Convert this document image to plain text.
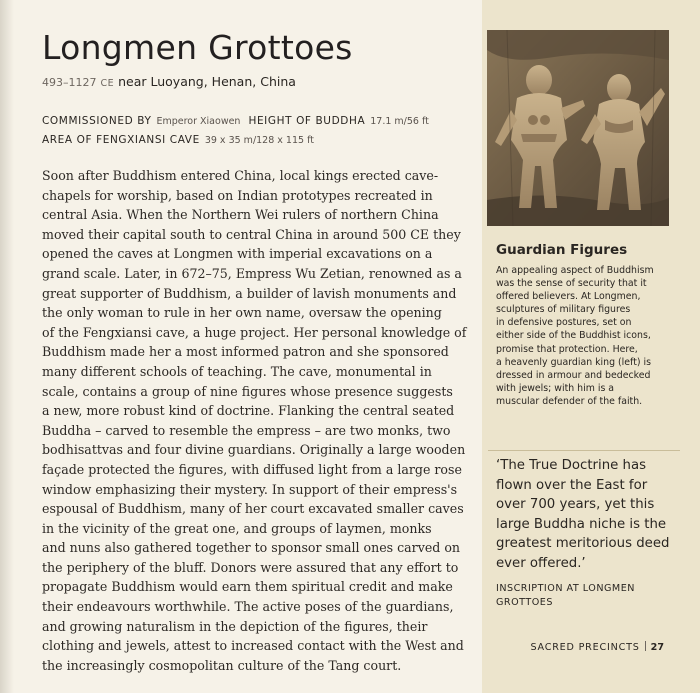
Longmen Grottoes
493–1127 CE near Luoyang, Henan, China
COMMISSIONED BY Emperor Xiaowen HEIGHT OF BUDDHA 17.1 m/56 ft
AREA OF FENGXIANSI CAVE 39 x 35 m/128 x 115 ft
Soon after Buddhism entered China, local kings erected cave-
chapels for worship, based on Indian prototypes recreated in
central Asia. When the Northern Wei rulers of northern China
moved their capital south to central China in around 500 CE they
opened the caves at Longmen with imperial excavations on a
grand scale. Later, in 672–75, Empress Wu Zetian, renowned as a
great supporter of Buddhism, a builder of lavish monuments and
the only woman to rule in her own name, oversaw the opening
of the Fengxiansi cave, a huge project. Her personal knowledge of
Buddhism made her a most informed patron and she sponsored
many different schools of teaching. The cave, monumental in
scale, contains a group of nine figures whose presence suggests
a new, more robust kind of doctrine. Flanking the central seated
Buddha – carved to resemble the empress – are two monks, two
bodhisattvas and four divine guardians. Originally a large wooden
façade protected the figures, with diffused light from a large rose
window emphasizing their mystery. In support of their empress's
espousal of Buddhism, many of her court excavated smaller caves
in the vicinity of the great one, and groups of laymen, monks
and nuns also gathered together to sponsor small ones carved on
the periphery of the bluff. Donors were assured that any effort to
propagate Buddhism would earn them spiritual credit and make
their endeavours worthwhile. The active poses of the guardians,
and growing naturalism in the depiction of the figures, their
clothing and jewels, attest to increased contact with the West and
the increasingly cosmopolitan culture of the Tang court.
Guardian Figures
An appealing aspect of Buddhism
was the sense of security that it
offered believers. At Longmen,
sculptures of military figures
in defensive postures, set on
either side of the Buddhist icons,
promise that protection. Here,
a heavenly guardian king (left) is
dressed in armour and bedecked
with jewels; with him is a
muscular defender of the faith.
‘The True Doctrine has
flown over the East for
over 700 years, yet this
large Buddha niche is the
greatest meritorious deed
ever offered.’
INSCRIPTION AT LONGMEN
GROTTOES
SACRED PRECINCTS 27
